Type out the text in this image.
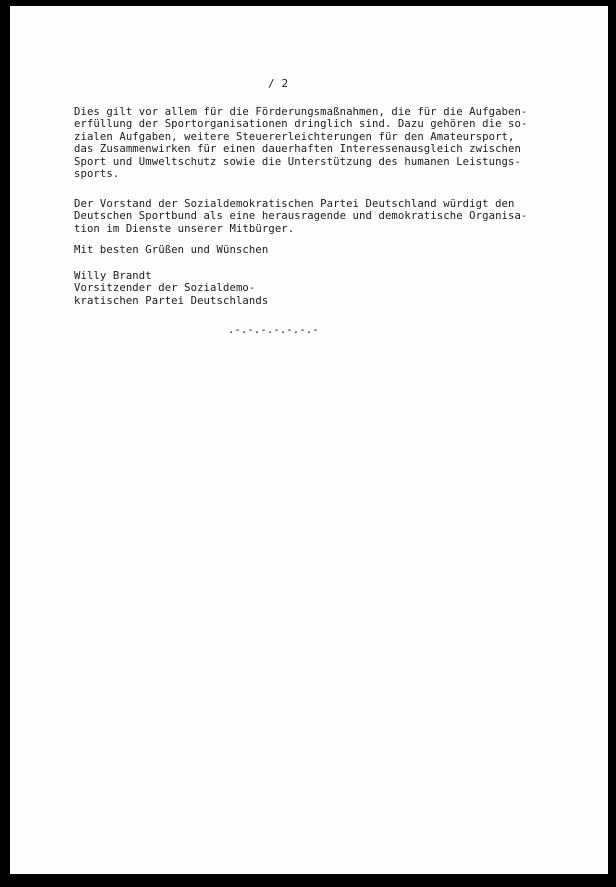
/ 2
Dies gilt vor allem für die Förderungsmaßnahmen, die für die Aufgaben-
erfüllung der Sportorganisationen dringlich sind. Dazu gehören die so-
zialen Aufgaben, weitere Steuererleichterungen für den Amateursport,
das Zusammenwirken für einen dauerhaften Interessenausgleich zwischen
Sport und Umweltschutz sowie die Unterstützung des humanen Leistungs-
sports.
Der Vorstand der Sozialdemokratischen Partei Deutschland würdigt den
Deutschen Sportbund als eine herausragende und demokratische Organisa-
tion im Dienste unserer Mitbürger.
Mit besten Grüßen und Wünschen
Willy Brandt
Vorsitzender der Sozialdemo-
kratischen Partei Deutschlands
.-.-.-.-.-.-.-
